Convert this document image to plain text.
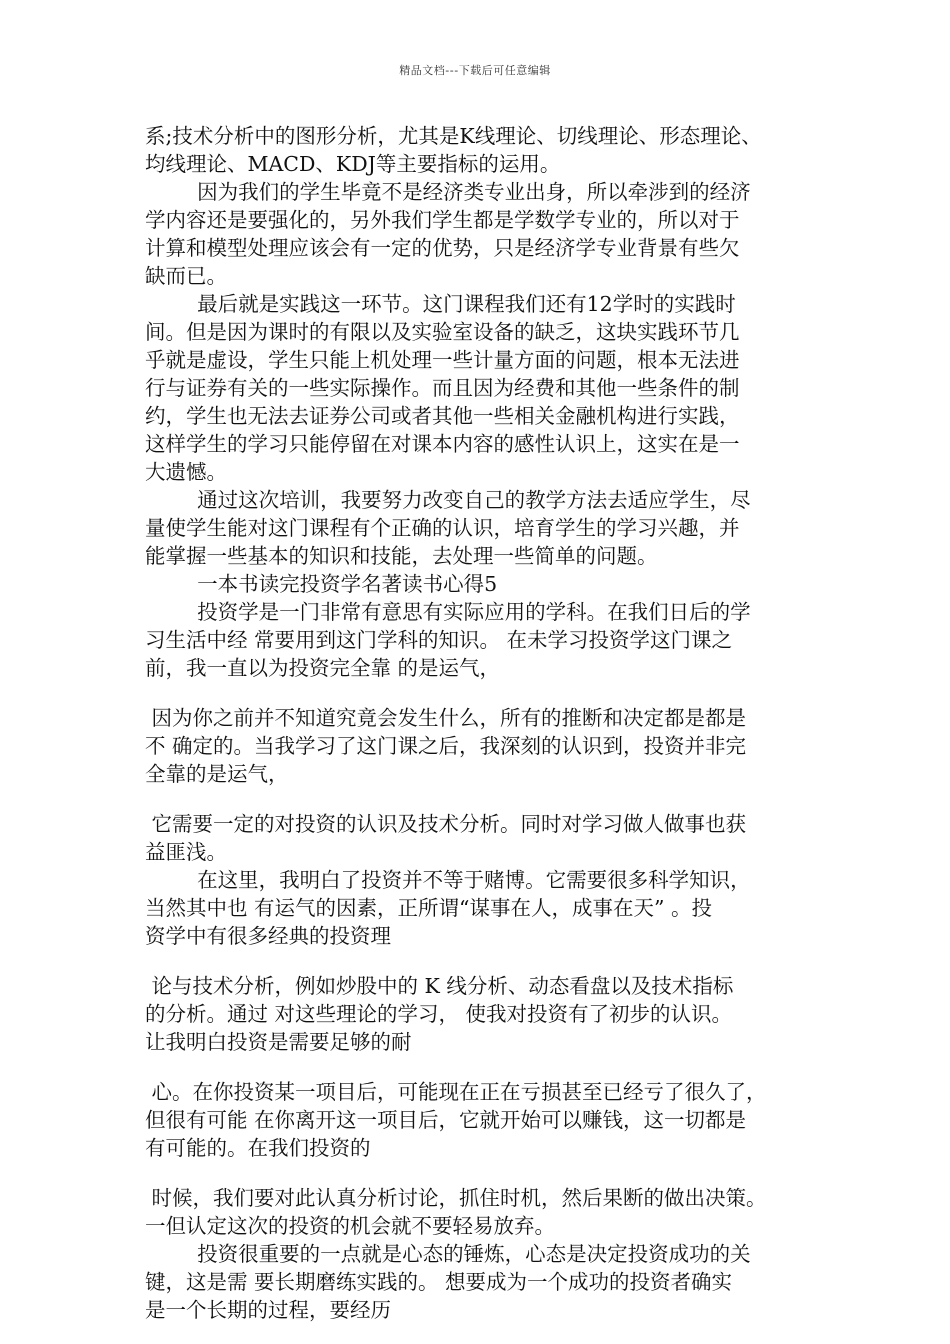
精品文档---下载后可任意编辑
系;技术分析中的图形分析，尤其是K线理论、切线理论、形态理论、
均线理论、MACD、KDJ等主要指标的运用。
因为我们的学生毕竟不是经济类专业出身，所以牵涉到的经济
学内容还是要强化的，另外我们学生都是学数学专业的，所以对于
计算和模型处理应该会有一定的优势，只是经济学专业背景有些欠
缺而已。
最后就是实践这一环节。这门课程我们还有12学时的实践时
间。但是因为课时的有限以及实验室设备的缺乏，这块实践环节几
乎就是虚设，学生只能上机处理一些计量方面的问题，根本无法进
行与证券有关的一些实际操作。而且因为经费和其他一些条件的制
约，学生也无法去证券公司或者其他一些相关金融机构进行实践，
这样学生的学习只能停留在对课本内容的感性认识上，这实在是一
大遗憾。
通过这次培训，我要努力改变自己的教学方法去适应学生，尽
量使学生能对这门课程有个正确的认识，培育学生的学习兴趣，并
能掌握一些基本的知识和技能，去处理一些简单的问题。
一本书读完投资学名著读书心得5
投资学是一门非常有意思有实际应用的学科。在我们日后的学
习生活中经 常要用到这门学科的知识。 在未学习投资学这门课之
前，我一直以为投资完全靠 的是运气，
因为你之前并不知道究竟会发生什么，所有的推断和决定都是都是
不 确定的。当我学习了这门课之后，我深刻的认识到，投资并非完
全靠的是运气，
它需要一定的对投资的认识及技术分析。同时对学习做人做事也获
益匪浅。
在这里，我明白了投资并不等于赌博。它需要很多科学知识，
当然其中也 有运气的因素，正所谓“谋事在人，成事在天” 。投
资学中有很多经典的投资理
论与技术分析，例如炒股中的 K 线分析、动态看盘以及技术指标
的分析。通过 对这些理论的学习， 使我对投资有了初步的认识。
让我明白投资是需要足够的耐
心。在你投资某一项目后，可能现在正在亏损甚至已经亏了很久了，
但很有可能 在你离开这一项目后，它就开始可以赚钱，这一切都是
有可能的。在我们投资的
时候，我们要对此认真分析讨论，抓住时机，然后果断的做出决策。
一但认定这次的投资的机会就不要轻易放弃。
投资很重要的一点就是心态的锤炼，心态是决定投资成功的关
键，这是需 要长期磨练实践的。 想要成为一个成功的投资者确实
是一个长期的过程，要经历
